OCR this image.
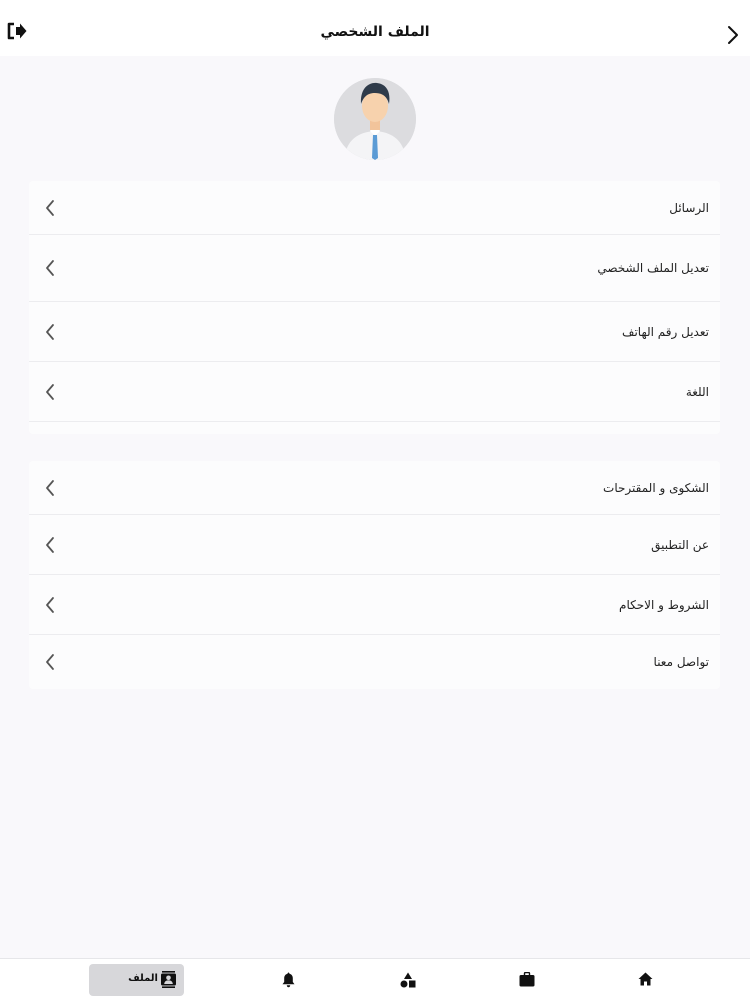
الملف الشخصي
الرسائل
تعديل الملف الشخصي
تعديل رقم الهاتف
اللغة
الشكوى و المقترحات
عن التطبيق
الشروط و الاحكام
تواصل معنا
الملف
